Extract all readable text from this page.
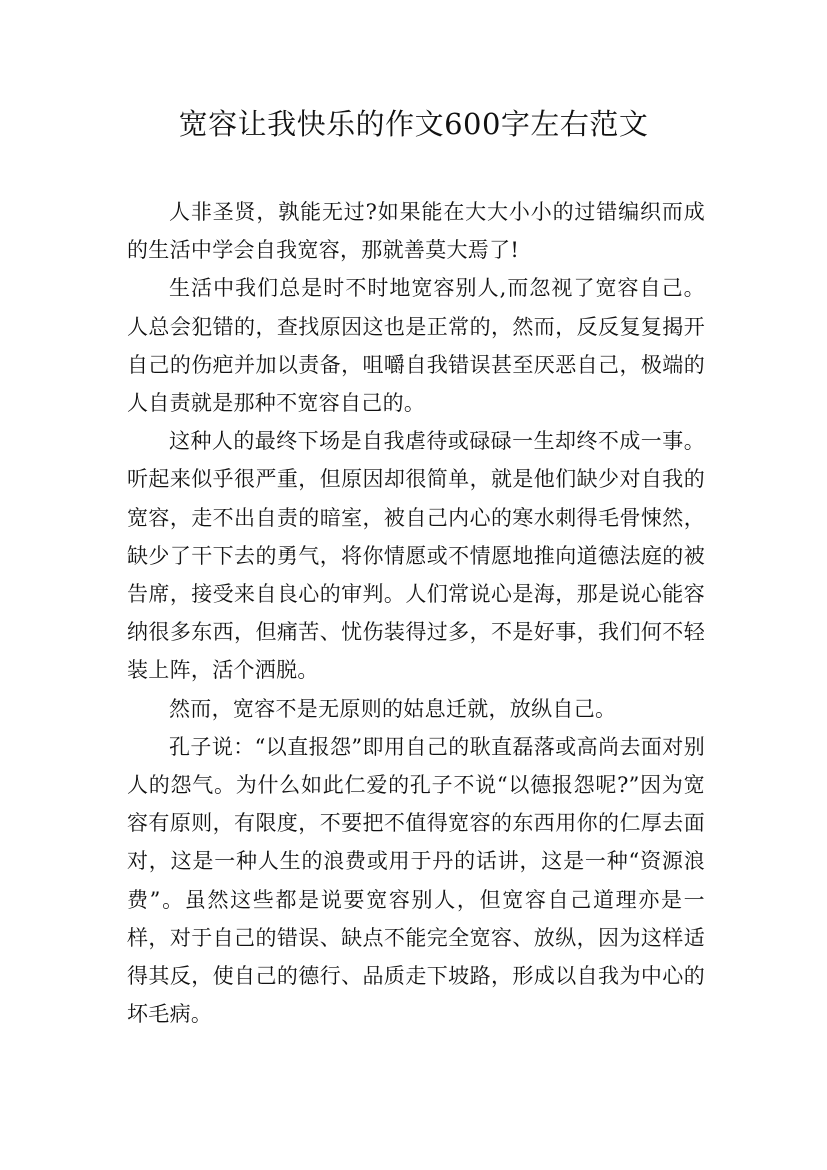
宽容让我快乐的作文600字左右范文

人非圣贤，孰能无过?如果能在大大小小的过错编织而成的生活中学会自我宽容，那就善莫大焉了!

生活中我们总是时不时地宽容别人,而忽视了宽容自己。人总会犯错的，查找原因这也是正常的，然而，反反复复揭开自己的伤疤并加以责备，咀嚼自我错误甚至厌恶自己，极端的人自责就是那种不宽容自己的。

这种人的最终下场是自我虐待或碌碌一生却终不成一事。听起来似乎很严重，但原因却很简单，就是他们缺少对自我的宽容，走不出自责的暗室，被自己内心的寒水刺得毛骨悚然，缺少了干下去的勇气，将你情愿或不情愿地推向道德法庭的被告席，接受来自良心的审判。人们常说心是海，那是说心能容纳很多东西，但痛苦、忧伤装得过多，不是好事，我们何不轻装上阵，活个洒脱。

然而，宽容不是无原则的姑息迁就，放纵自己。

孔子说：“以直报怨”即用自己的耿直磊落或高尚去面对别人的怨气。为什么如此仁爱的孔子不说“以德报怨呢?”因为宽容有原则，有限度，不要把不值得宽容的东西用你的仁厚去面对，这是一种人生的浪费或用于丹的话讲，这是一种“资源浪费”。虽然这些都是说要宽容别人，但宽容自己道理亦是一样，对于自己的错误、缺点不能完全宽容、放纵，因为这样适得其反，使自己的德行、品质走下坡路，形成以自我为中心的坏毛病。
